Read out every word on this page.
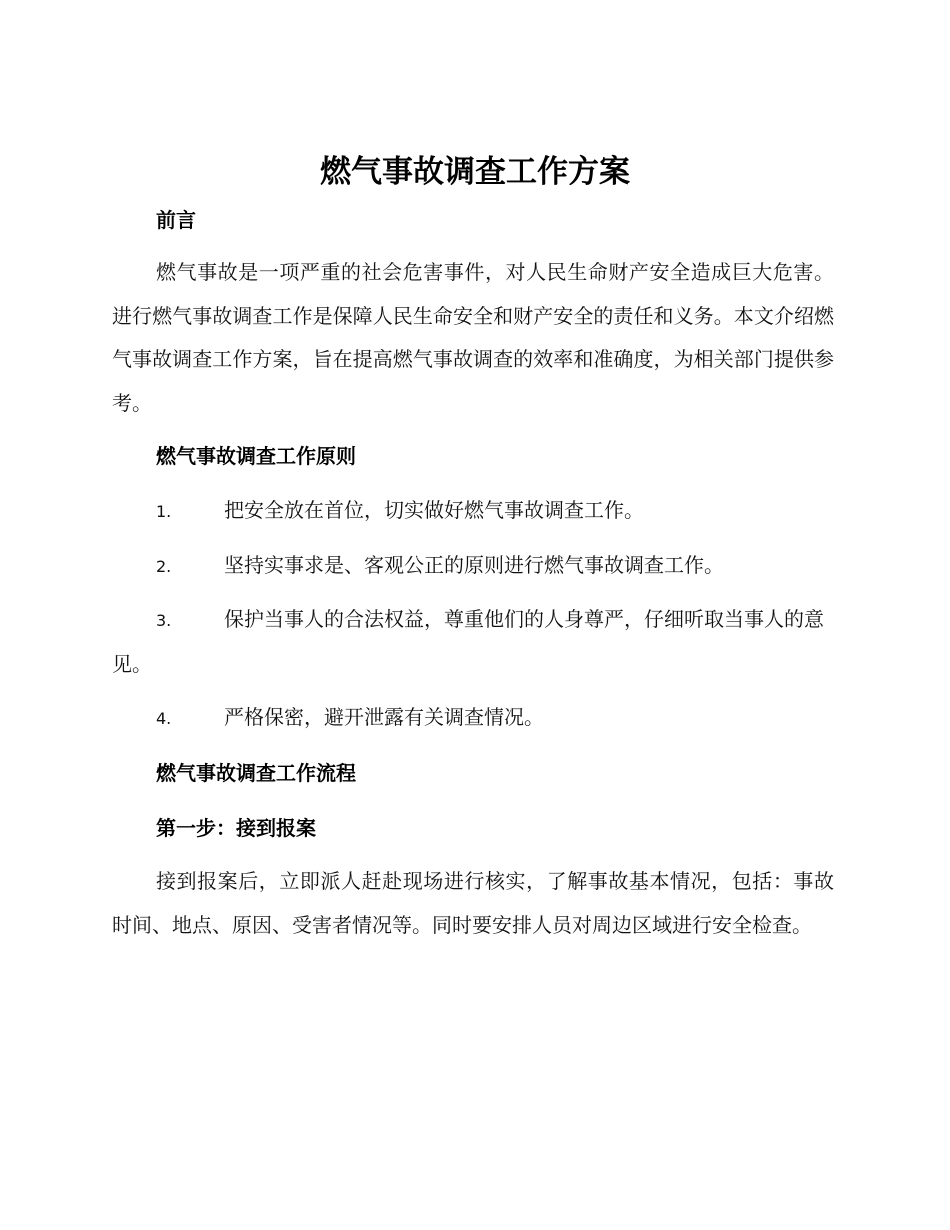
燃气事故调查工作方案
前言

燃气事故是一项严重的社会危害事件，对人民生命财产安全造成巨大危害。进行燃气事故调查工作是保障人民生命安全和财产安全的责任和义务。本文介绍燃气事故调查工作方案，旨在提高燃气事故调查的效率和准确度，为相关部门提供参考。

燃气事故调查工作原则

1.	把安全放在首位，切实做好燃气事故调查工作。

2.	坚持实事求是、客观公正的原则进行燃气事故调查工作。

3.	保护当事人的合法权益，尊重他们的人身尊严，仔细听取当事人的意见。

4.	严格保密，避开泄露有关调查情况。

燃气事故调查工作流程
第一步：接到报案

接到报案后，立即派人赶赴现场进行核实，了解事故基本情况，包括：事故时间、地点、原因、受害者情况等。同时要安排人员对周边区域进行安全检查。
